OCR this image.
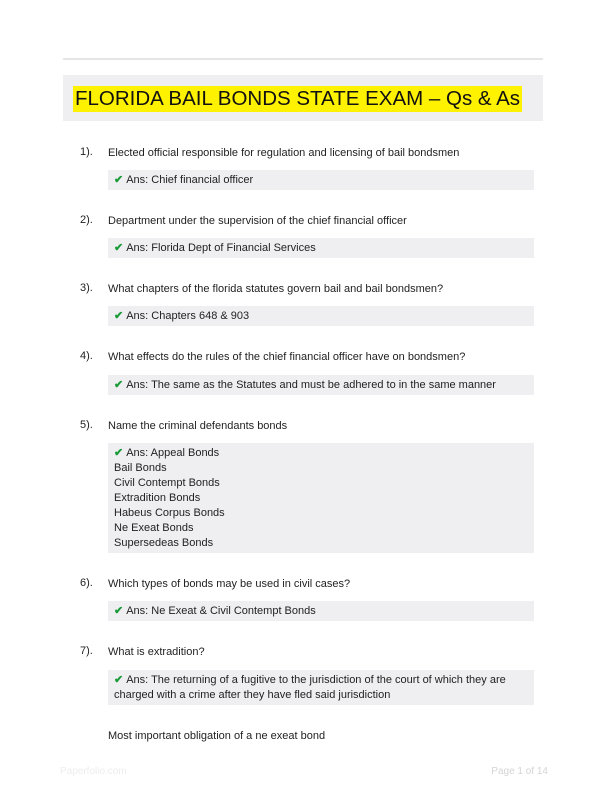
FLORIDA BAIL BONDS STATE EXAM – Qs & As
1). Elected official responsible for regulation and licensing of bail bondsmen
✔ Ans: Chief financial officer
2). Department under the supervision of the chief financial officer
✔ Ans: Florida Dept of Financial Services
3). What chapters of the florida statutes govern bail and bail bondsmen?
✔ Ans: Chapters 648 & 903
4). What effects do the rules of the chief financial officer have on bondsmen?
✔ Ans: The same as the Statutes and must be adhered to in the same manner
5). Name the criminal defendants bonds
✔ Ans: Appeal Bonds
Bail Bonds
Civil Contempt Bonds
Extradition Bonds
Habeus Corpus Bonds
Ne Exeat Bonds
Supersedeas Bonds
6). Which types of bonds may be used in civil cases?
✔ Ans: Ne Exeat & Civil Contempt Bonds
7). What is extradition?
✔ Ans: The returning of a fugitive to the jurisdiction of the court of which they are
charged with a crime after they have fled said jurisdiction
Most important obligation of a ne exeat bond
Paperfolio.com	Page 1 of 14
